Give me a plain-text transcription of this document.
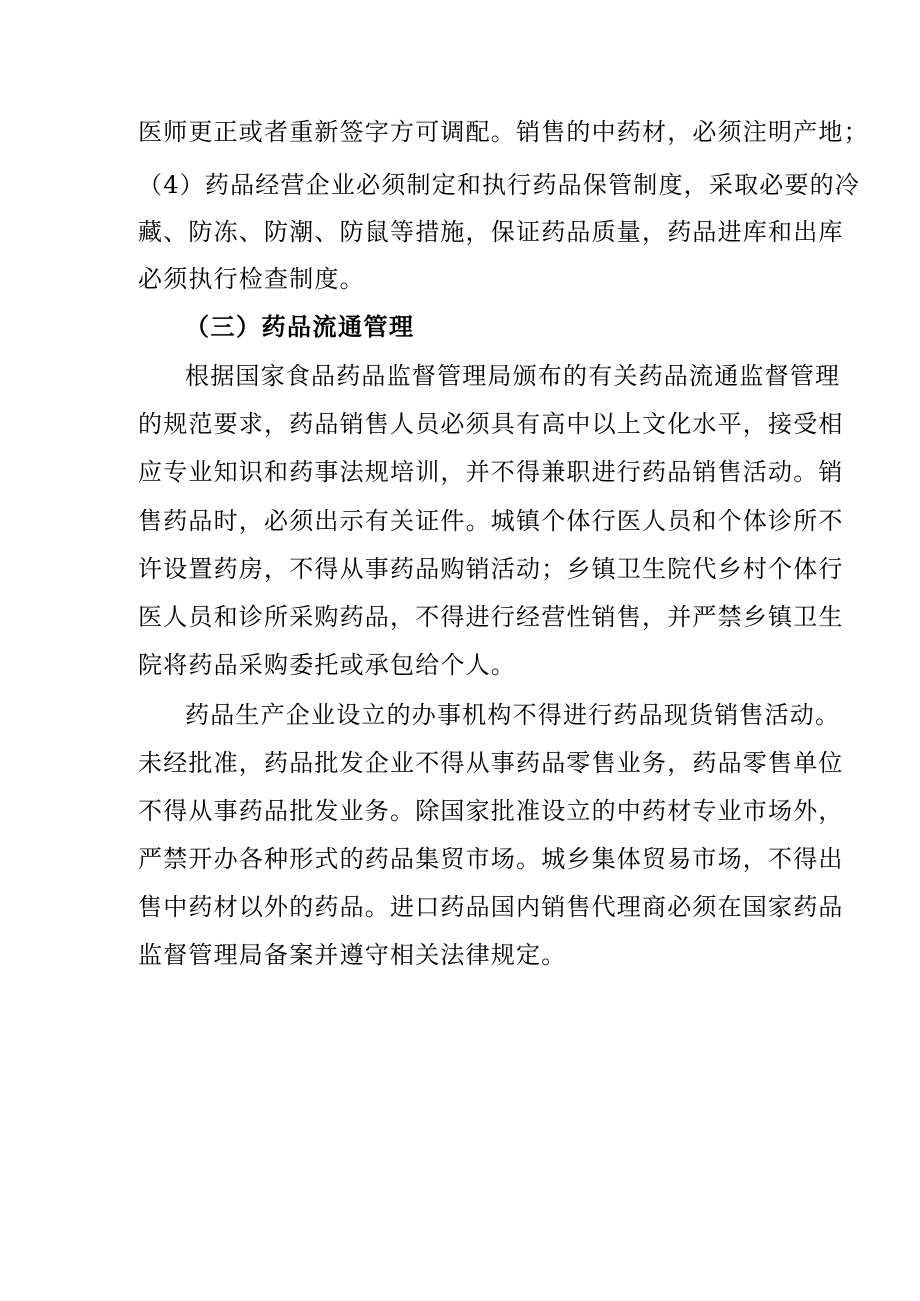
医师更正或者重新签字方可调配。销售的中药材，必须注明产地；
（4）药品经营企业必须制定和执行药品保管制度，采取必要的冷
藏、防冻、防潮、防鼠等措施，保证药品质量，药品进库和出库
必须执行检查制度。
（三）药品流通管理
根据国家食品药品监督管理局颁布的有关药品流通监督管理
的规范要求，药品销售人员必须具有高中以上文化水平，接受相
应专业知识和药事法规培训，并不得兼职进行药品销售活动。销
售药品时，必须出示有关证件。城镇个体行医人员和个体诊所不
许设置药房，不得从事药品购销活动；乡镇卫生院代乡村个体行
医人员和诊所采购药品，不得进行经营性销售，并严禁乡镇卫生
院将药品采购委托或承包给个人。
药品生产企业设立的办事机构不得进行药品现货销售活动。
未经批准，药品批发企业不得从事药品零售业务，药品零售单位
不得从事药品批发业务。除国家批准设立的中药材专业市场外，
严禁开办各种形式的药品集贸市场。城乡集体贸易市场，不得出
售中药材以外的药品。进口药品国内销售代理商必须在国家药品
监督管理局备案并遵守相关法律规定。
